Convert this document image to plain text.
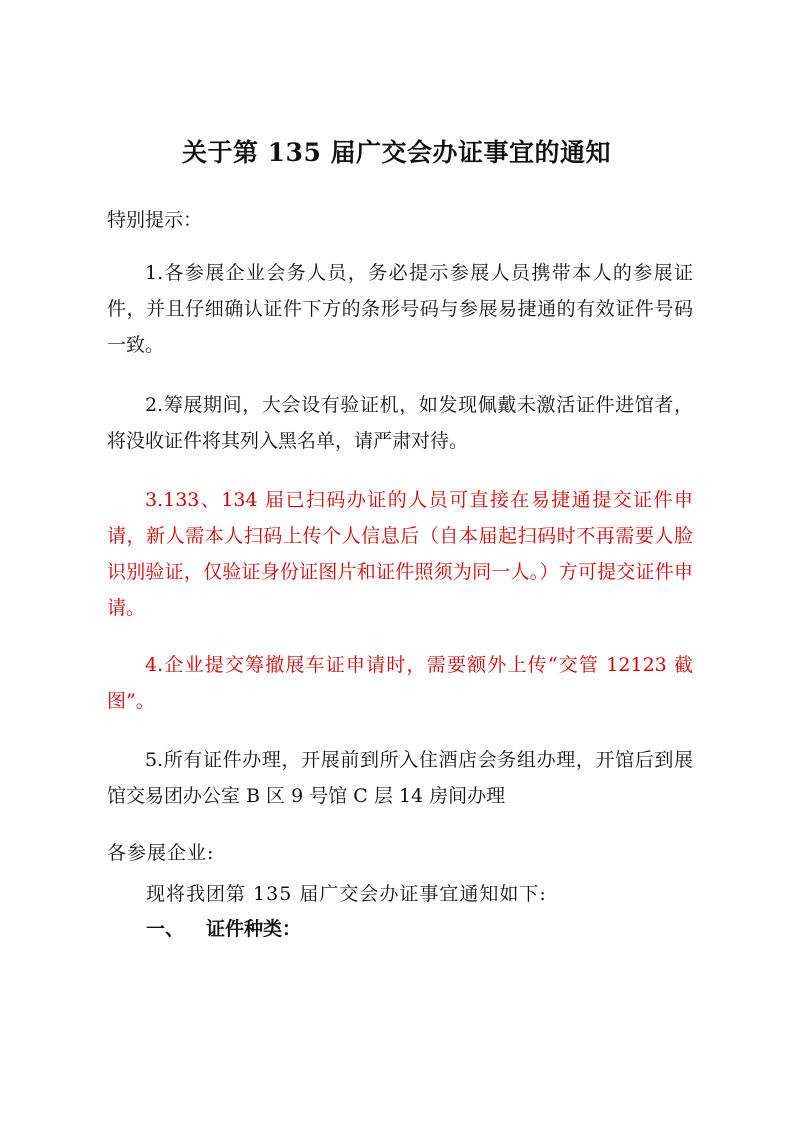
关于第 135 届广交会办证事宜的通知
特别提示：
1.各参展企业会务人员，务必提示参展人员携带本人的参展证件，并且仔细确认证件下方的条形号码与参展易捷通的有效证件号码一致。
2.筹展期间，大会设有验证机，如发现佩戴未激活证件进馆者，将没收证件将其列入黑名单，请严肃对待。
3.133、134 届已扫码办证的人员可直接在易捷通提交证件申请，新人需本人扫码上传个人信息后（自本届起扫码时不再需要人脸识别验证，仅验证身份证图片和证件照须为同一人。）方可提交证件申请。
4.企业提交筹撤展车证申请时，需要额外上传“交管 12123 截图”。
5.所有证件办理，开展前到所入住酒店会务组办理，开馆后到展馆交易团办公室 B 区 9 号馆 C 层 14 房间办理
各参展企业:
现将我团第 135 届广交会办证事宜通知如下:
一、 证件种类：
